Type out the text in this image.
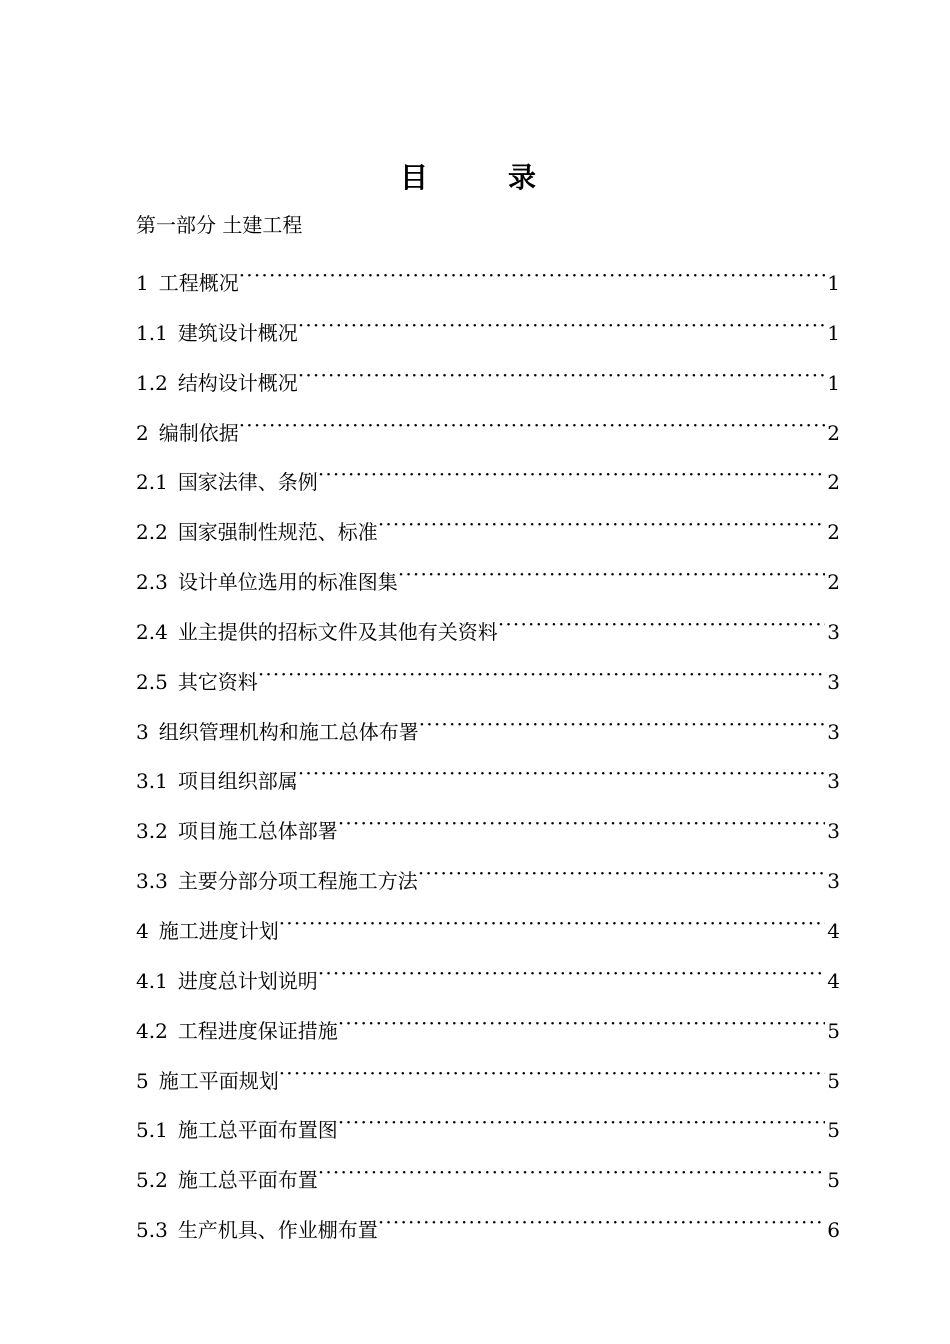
目　录
第一部分 土建工程
1 工程概况 ·····	1
1.1 建筑设计概况 ·····	1
1.2 结构设计概况 ·····	1
2 编制依据 ·····	2
2.1 国家法律、条例 ·····	2
2.2 国家强制性规范、标准 ·····	2
2.3 设计单位选用的标准图集 ·····	2
2.4 业主提供的招标文件及其他有关资料 ·····	3
2.5 其它资料 ·····	3
3 组织管理机构和施工总体布署 ·····	3
3.1 项目组织部属 ·····	3
3.2 项目施工总体部署 ·····	3
3.3 主要分部分项工程施工方法 ·····	3
4 施工进度计划 ·····	4
4.1 进度总计划说明 ·····	4
4.2 工程进度保证措施 ·····	5
5 施工平面规划 ·····	5
5.1 施工总平面布置图 ·····	5
5.2 施工总平面布置 ·····	5
5.3 生产机具、作业棚布置 ·····	6
